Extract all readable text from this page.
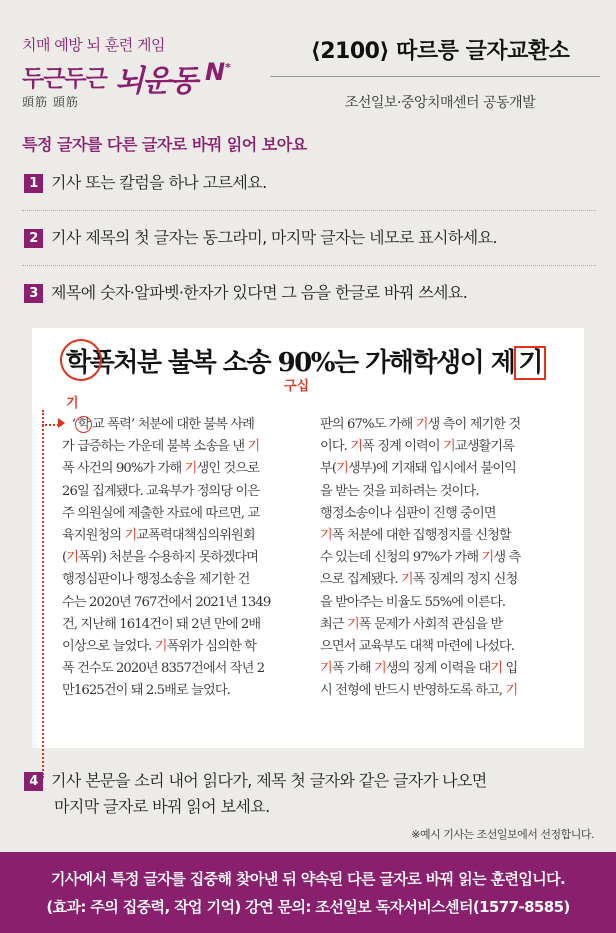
치매 예방 뇌 훈련 게임
두근두근
頭筋 頭筋
뇌운동 N*
⟨2100⟩ 따르릉 글자교환소
조선일보·중앙치매센터 공동개발
특정 글자를 다른 글자로 바꿔 읽어 보아요
1 기사 또는 칼럼을 하나 고르세요.
2 기사 제목의 첫 글자는 동그라미, 마지막 글자는 네모로 표시하세요.
3 제목에 숫자·알파벳·한자가 있다면 그 음을 한글로 바꿔 쓰세요.
학폭처분 불복 소송 90%는 가해학생이 제 기
구십
기
‘ 학 교 폭력’ 처분에 대한 불복 사례
가 급증하는 가운데 불복 소송을 낸 기
폭 사건의 90%가 가해 기생인 것으로
26일 집계됐다. 교육부가 정의당 이은
주 의원실에 제출한 자료에 따르면, 교
육지원청의 기교폭력대책심의위원회
(기폭위) 처분을 수용하지 못하겠다며
행정심판이나 행정소송을 제기한 건
수는 2020년 767건에서 2021년 1349
건, 지난해 1614건이 돼 2년 만에 2배
이상으로 늘었다. 기폭위가 심의한 학
폭 건수도 2020년 8357건에서 작년 2
만1625건이 돼 2.5배로 늘었다.
판의 67%도 가해 기생 측이 제기한 것
이다. 기폭 징계 이력이 기교생활기록
부(기생부)에 기재돼 입시에서 불이익
을 받는 것을 피하려는 것이다.
행정소송이나 심판이 진행 중이면
기폭 처분에 대한 집행정지를 신청할
수 있는데 신청의 97%가 가해 기생 측
으로 집계됐다. 기폭 징계의 정지 신청
을 받아주는 비율도 55%에 이른다.
최근 기폭 문제가 사회적 관심을 받
으면서 교육부도 대책 마련에 나섰다.
기폭 가해 기생의 징계 이력을 대기 입
시 전형에 반드시 반영하도록 하고, 기
4 기사 본문을 소리 내어 읽다가, 제목 첫 글자와 같은 글자가 나오면
마지막 글자로 바꿔 읽어 보세요.
※예시 기사는 조선일보에서 선정합니다.
기사에서 특정 글자를 집중해 찾아낸 뒤 약속된 다른 글자로 바꿔 읽는 훈련입니다.
(효과: 주의 집중력, 작업 기억) 강연 문의: 조선일보 독자서비스센터(1577-8585)
